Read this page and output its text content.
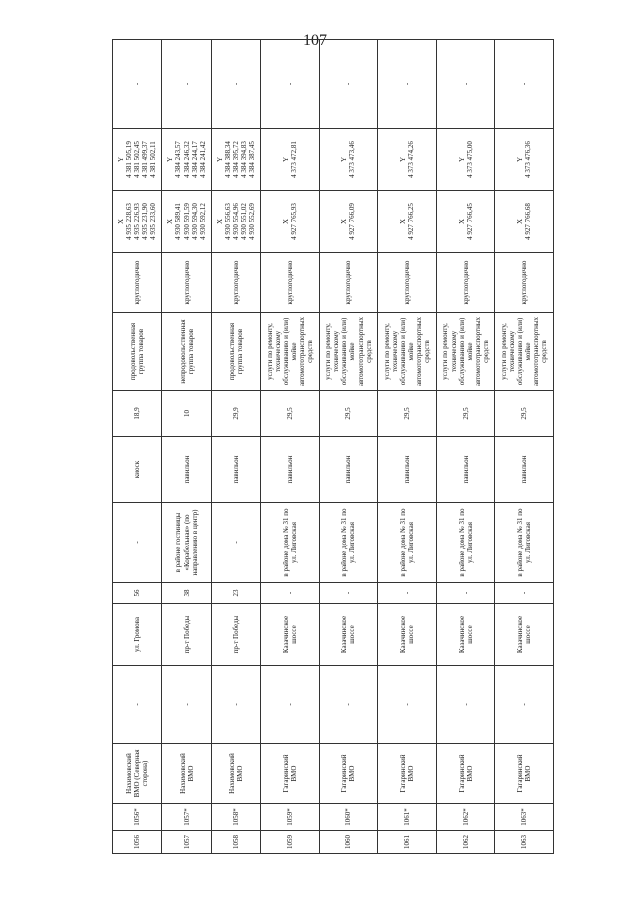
107
1056	1056*	Нахимовский ВМО (Северная сторона)	-	ул. Громова	56	-	киоск	18,9	продовольственная группа товаров	круглогодично	X
4 935 228,63
4 935 226,93
4 935 231,90
4 935 233,60	Y
4 381 505,19
4 381 502,45
4 381 499,37
4 381 502,11	-
1057	1057*	Нахимовский ВМО	-	пр-т Победы	38	в районе гостиницы «Корабельная» (по направлению в центр)	павильон	10	непродовольственная группа товаров	круглогодично	X
4 930 589,41
4 930 591,59
4 930 594,30
4 930 592,12	Y
4 384 243,57
4 384 246,32
4 384 244,17
4 384 241,42	-
1058	1058*	Нахимовский ВМО	-	пр-т Победы	23	-	павильон	29,9	продовольственная группа товаров	круглогодично	X
4 930 556,63
4 930 554,96
4 930 551,02
4 930 552,69	Y
4 384 388,34
4 384 395,72
4 384 394,83
4 384 387,45	-
1059	1059*	Гагаринский ВМО	-	Казачинское шоссе	-	в районе дома № 31 по ул. Лиговская	павильон	29,5	услуги по ремонту, техническому обслуживанию и (или) мойке автомототранспортных средств	круглогодично	X
4 927 765,93	Y
4 373 472,81	-
1060	1060*	Гагаринский ВМО	-	Казачинское шоссе	-	в районе дома № 31 по ул. Лиговская	павильон	29,5	услуги по ремонту, техническому обслуживанию и (или) мойке автомототранспортных средств	круглогодично	X
4 927 766,09	Y
4 373 473,46	-
1061	1061*	Гагаринский ВМО	-	Казачинское шоссе	-	в районе дома № 31 по ул. Лиговская	павильон	29,5	услуги по ремонту, техническому обслуживанию и (или) мойке автомототранспортных средств	круглогодично	X
4 927 766,25	Y
4 373 474,26	-
1062	1062*	Гагаринский ВМО	-	Казачинское шоссе	-	в районе дома № 31 по ул. Лиговская	павильон	29,5	услуги по ремонту, техническому обслуживанию и (или) мойке автомототранспортных средств	круглогодично	X
4 927 766,45	Y
4 373 475,00	-
1063	1063*	Гагаринский ВМО	-	Казачинское шоссе	-	в районе дома № 31 по ул. Лиговская	павильон	29,5	услуги по ремонту, техническому обслуживанию и (или) мойке автомототранспортных средств	круглогодично	X
4 927 766,68	Y
4 373 476,36	-
